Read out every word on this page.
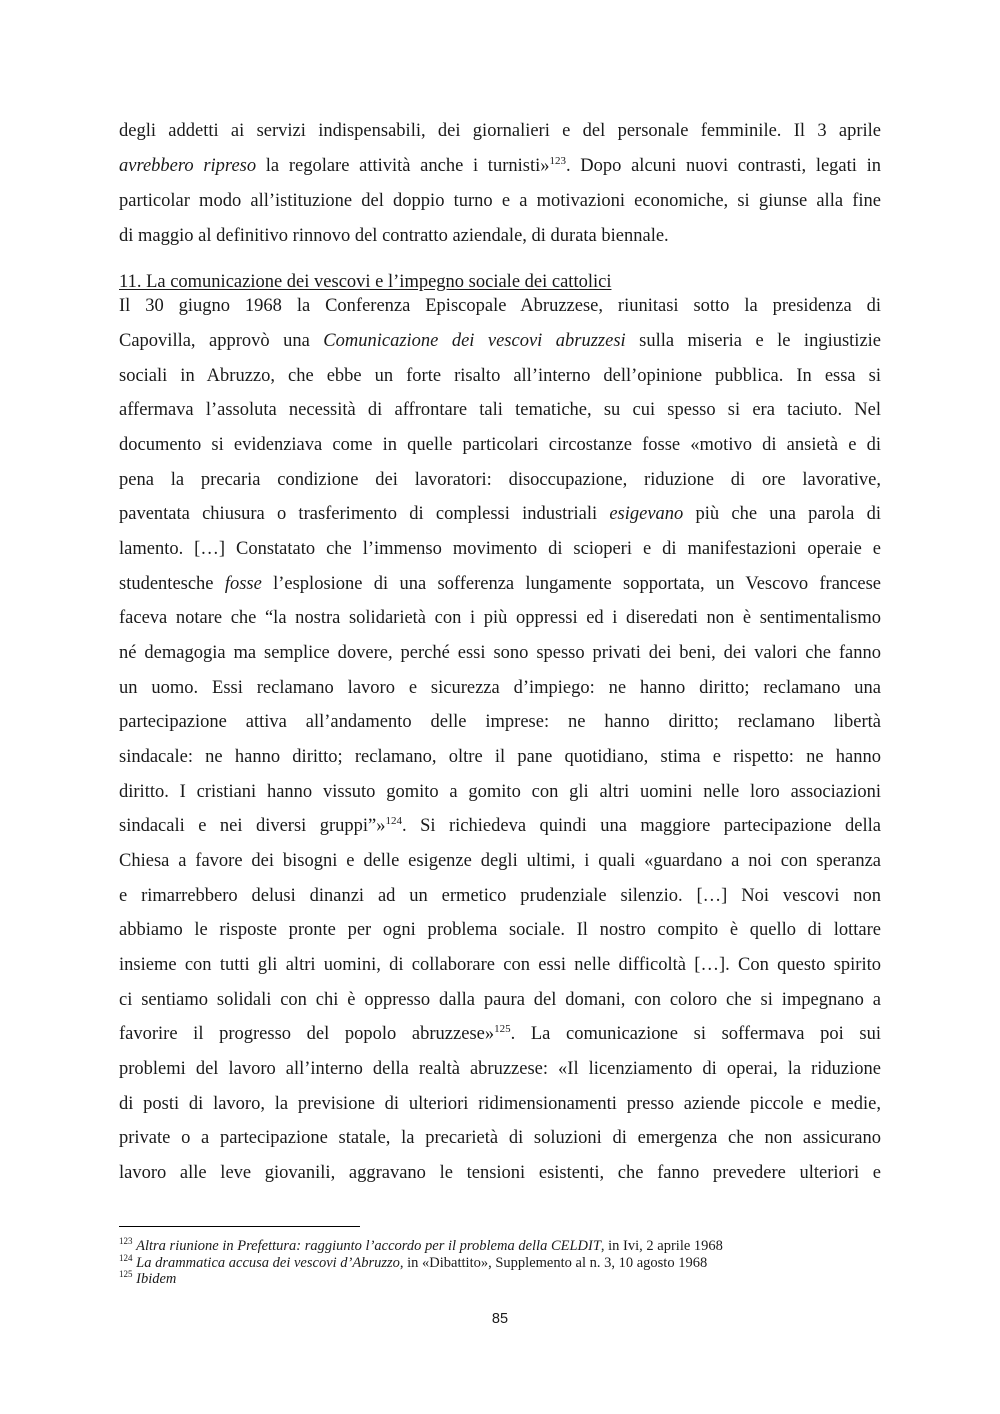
degli addetti ai servizi indispensabili, dei giornalieri e del personale femminile. Il 3 aprile
avrebbero ripreso la regolare attività anche i turnisti»$^{123}$. Dopo alcuni nuovi contrasti, legati in
particolar modo all’istituzione del doppio turno e a motivazioni economiche, si giunse alla fine
di maggio al definitivo rinnovo del contratto aziendale, di durata biennale.
11. La comunicazione dei vescovi e l’impegno sociale dei cattolici
Il 30 giugno 1968 la Conferenza Episcopale Abruzzese, riunitasi sotto la presidenza di
Capovilla, approvò una Comunicazione dei vescovi abruzzesi sulla miseria e le ingiustizie
sociali in Abruzzo, che ebbe un forte risalto all’interno dell’opinione pubblica. In essa si
affermava l’assoluta necessità di affrontare tali tematiche, su cui spesso si era taciuto. Nel
documento si evidenziava come in quelle particolari circostanze fosse «motivo di ansietà e di
pena la precaria condizione dei lavoratori: disoccupazione, riduzione di ore lavorative,
paventata chiusura o trasferimento di complessi industriali esigevano più che una parola di
lamento. […] Constatato che l’immenso movimento di scioperi e di manifestazioni operaie e
studentesche fosse l’esplosione di una sofferenza lungamente sopportata, un Vescovo francese
faceva notare che “la nostra solidarietà con i più oppressi ed i diseredati non è sentimentalismo
né demagogia ma semplice dovere, perché essi sono spesso privati dei beni, dei valori che fanno
un uomo. Essi reclamano lavoro e sicurezza d’impiego: ne hanno diritto; reclamano una
partecipazione attiva all’andamento delle imprese: ne hanno diritto; reclamano libertà
sindacale: ne hanno diritto; reclamano, oltre il pane quotidiano, stima e rispetto: ne hanno
diritto. I cristiani hanno vissuto gomito a gomito con gli altri uomini nelle loro associazioni
sindacali e nei diversi gruppi”»$^{124}$. Si richiedeva quindi una maggiore partecipazione della
Chiesa a favore dei bisogni e delle esigenze degli ultimi, i quali «guardano a noi con speranza
e rimarrebbero delusi dinanzi ad un ermetico prudenziale silenzio. […] Noi vescovi non
abbiamo le risposte pronte per ogni problema sociale. Il nostro compito è quello di lottare
insieme con tutti gli altri uomini, di collaborare con essi nelle difficoltà […]. Con questo spirito
ci sentiamo solidali con chi è oppresso dalla paura del domani, con coloro che si impegnano a
favorire il progresso del popolo abruzzese»$^{125}$. La comunicazione si soffermava poi sui
problemi del lavoro all’interno della realtà abruzzese: «Il licenziamento di operai, la riduzione
di posti di lavoro, la previsione di ulteriori ridimensionamenti presso aziende piccole e medie,
private o a partecipazione statale, la precarietà di soluzioni di emergenza che non assicurano
lavoro alle leve giovanili, aggravano le tensioni esistenti, che fanno prevedere ulteriori e
$^{123}$ Altra riunione in Prefettura: raggiunto l’accordo per il problema della CELDIT, in Ivi, 2 aprile 1968
$^{124}$ La drammatica accusa dei vescovi d’Abruzzo, in «Dibattito», Supplemento al n. 3, 10 agosto 1968
$^{125}$ Ibidem
85
